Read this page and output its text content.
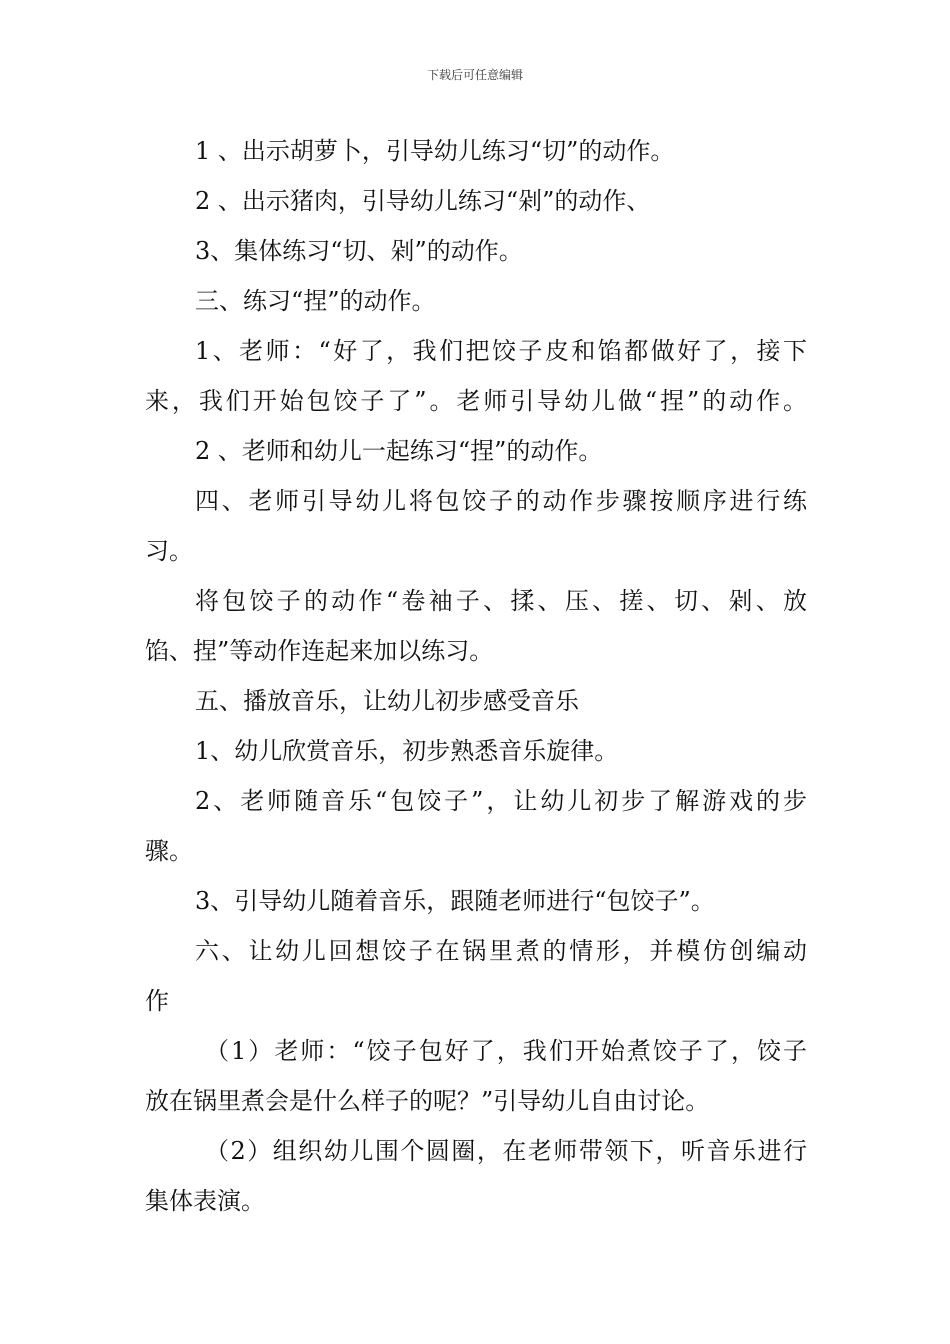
下载后可任意编辑
1 、出示胡萝卜，引导幼儿练习“切”的动作。
2 、出示猪肉，引导幼儿练习“剁”的动作、
3、集体练习“切、剁”的动作。
三、练习“捏”的动作。
1、老师：“好了，我们把饺子皮和馅都做好了，接下
来，我们开始包饺子了”。老师引导幼儿做“捏”的动作。
2 、老师和幼儿一起练习“捏”的动作。
四、老师引导幼儿将包饺子的动作步骤按顺序进行练
习。
将包饺子的动作“卷袖子、揉、压、搓、切、剁、放
馅、捏”等动作连起来加以练习。
五、播放音乐，让幼儿初步感受音乐
1、幼儿欣赏音乐，初步熟悉音乐旋律。
2、老师随音乐“包饺子”，让幼儿初步了解游戏的步
骤。
3、引导幼儿随着音乐，跟随老师进行“包饺子”。
六、让幼儿回想饺子在锅里煮的情形，并模仿创编动
作
（1）老师：“饺子包好了，我们开始煮饺子了，饺子
放在锅里煮会是什么样子的呢？”引导幼儿自由讨论。
（2）组织幼儿围个圆圈，在老师带领下，听音乐进行
集体表演。
